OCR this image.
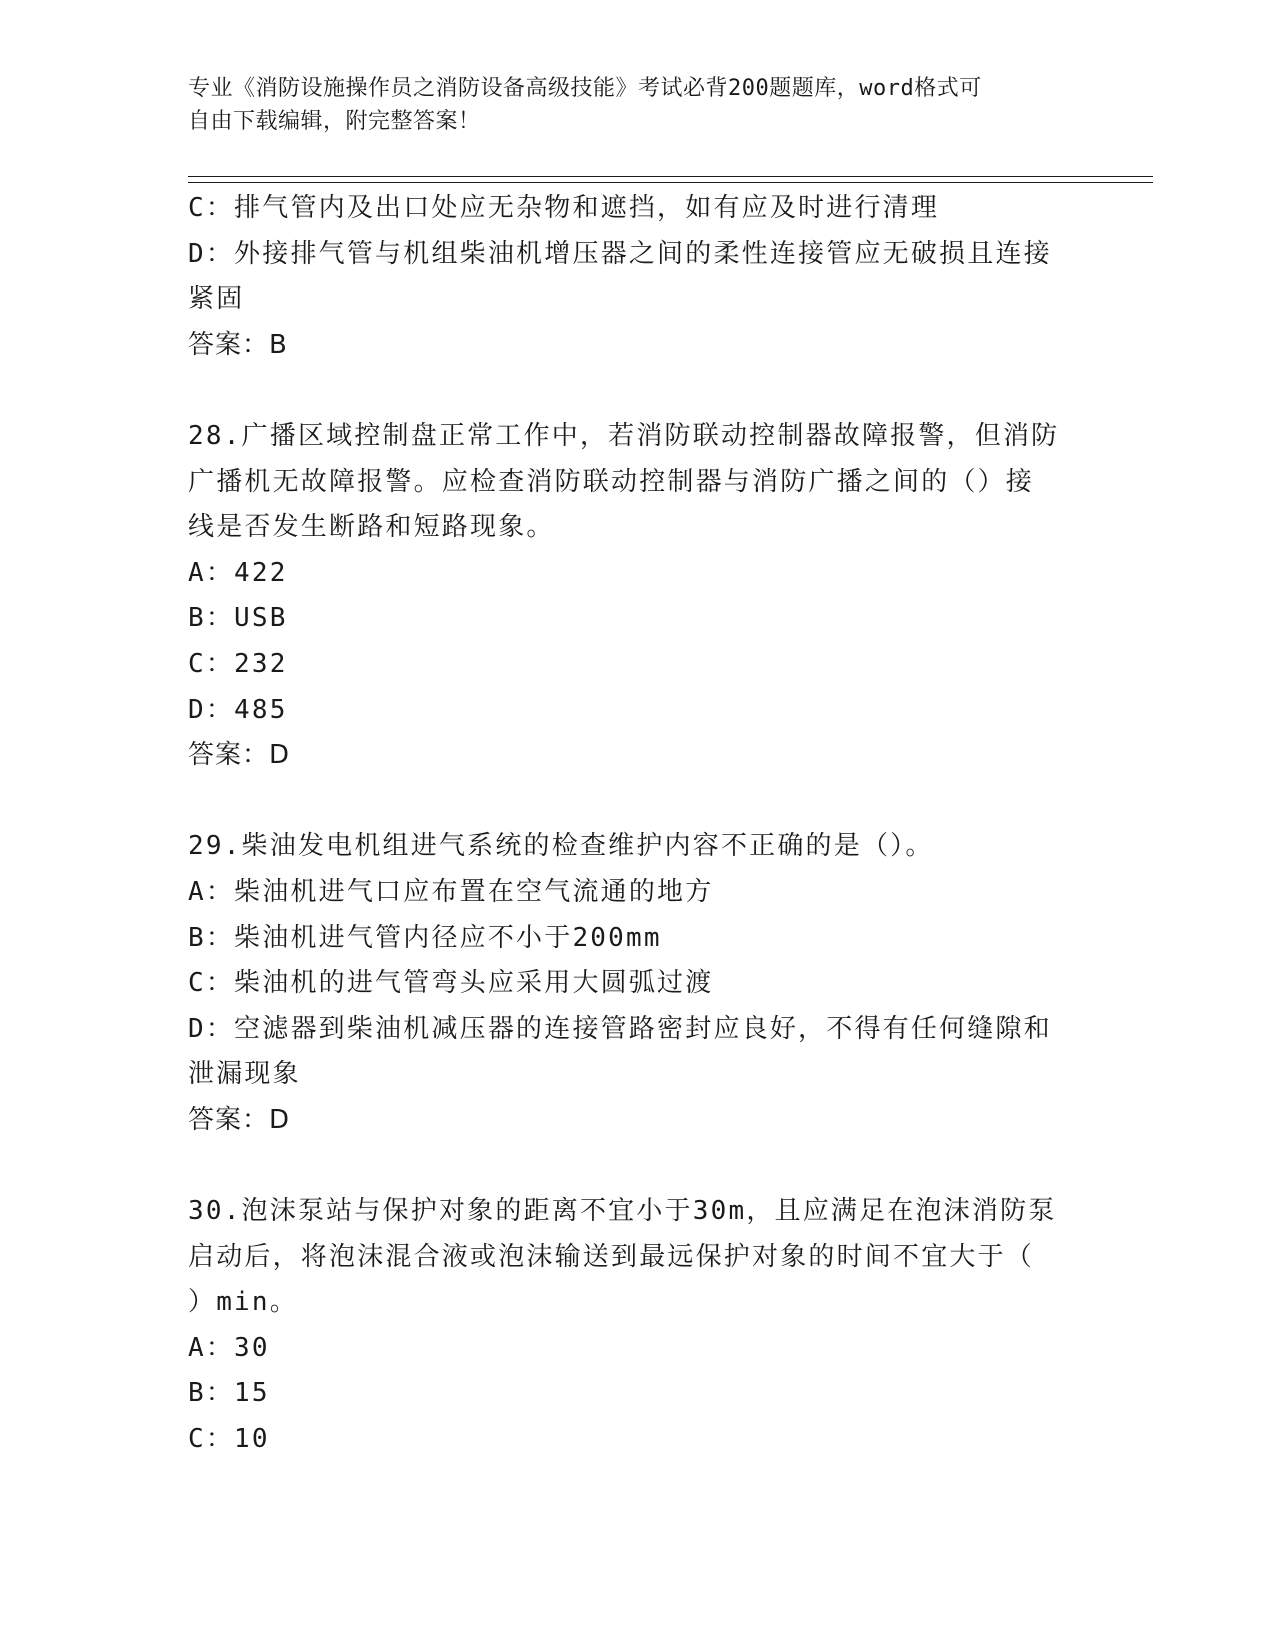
专业《消防设施操作员之消防设备高级技能》考试必背200题题库，word格式可
自由下载编辑，附完整答案！
C：排气管内及出口处应无杂物和遮挡，如有应及时进行清理
D：外接排气管与机组柴油机增压器之间的柔性连接管应无破损且连接
紧固
答案：B
28.广播区域控制盘正常工作中，若消防联动控制器故障报警，但消防
广播机无故障报警。应检查消防联动控制器与消防广播之间的（）接
线是否发生断路和短路现象。
A：422
B：USB
C：232
D：485
答案：D
29.柴油发电机组进气系统的检查维护内容不正确的是（）。
A：柴油机进气口应布置在空气流通的地方
B：柴油机进气管内径应不小于200mm
C：柴油机的进气管弯头应采用大圆弧过渡
D：空滤器到柴油机减压器的连接管路密封应良好，不得有任何缝隙和
泄漏现象
答案：D
30.泡沫泵站与保护对象的距离不宜小于30m，且应满足在泡沫消防泵
启动后，将泡沫混合液或泡沫输送到最远保护对象的时间不宜大于（
）min。
A：30
B：15
C：10
